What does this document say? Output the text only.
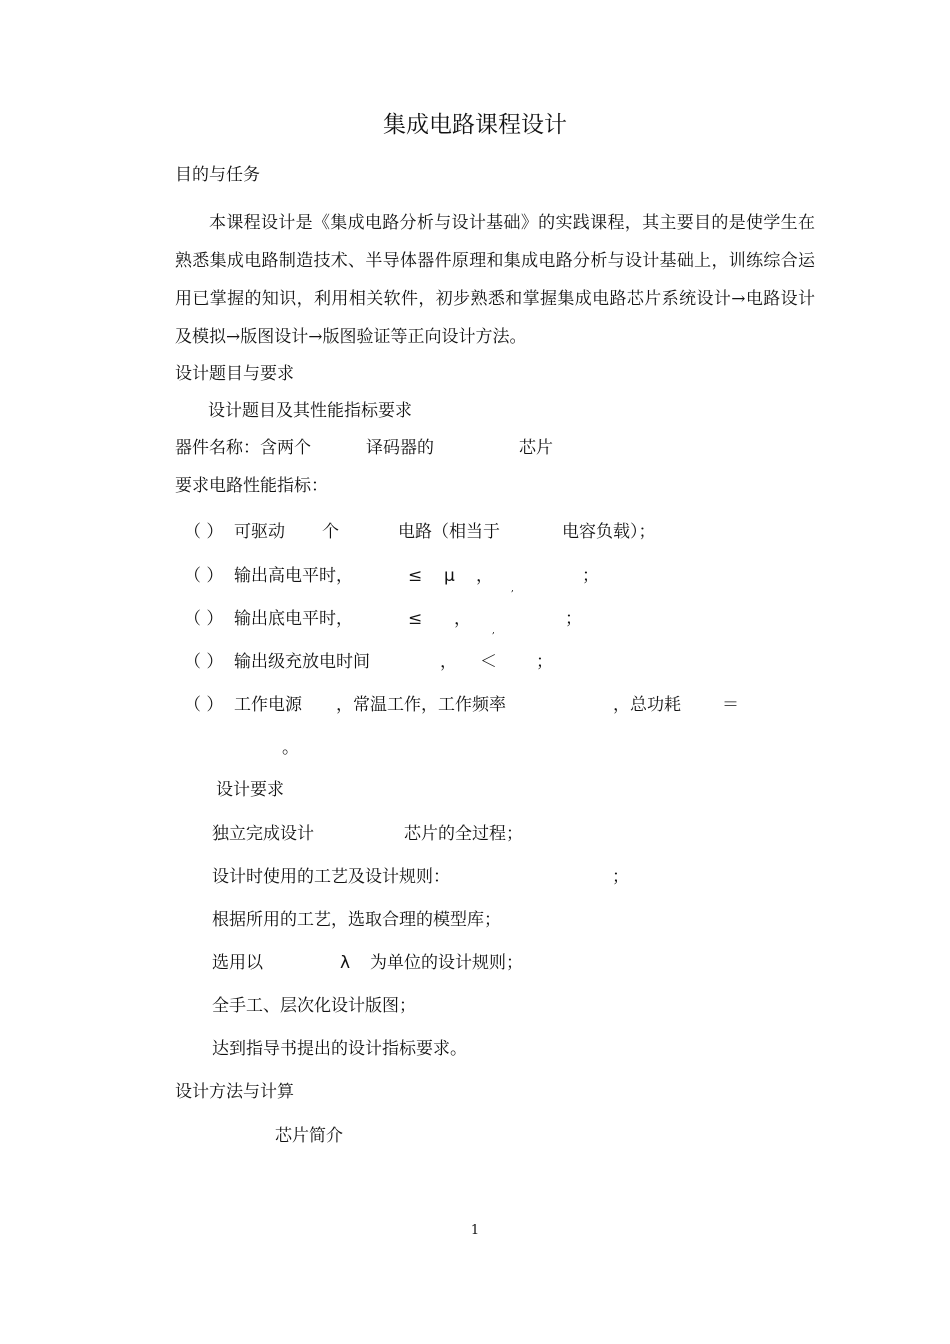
集成电路课程设计
目的与任务
本课程设计是《集成电路分析与设计基础》的实践课程，其主要目的是使学生在熟悉集成电路制造技术、半导体器件原理和集成电路分析与设计基础上，训练综合运用已掌握的知识，利用相关软件，初步熟悉和掌握集成电路芯片系统设计→电路设计及模拟→版图设计→版图验证等正向设计方法。
设计题目与要求
设计题目及其性能指标要求
器件名称：含两个	译码器的	芯片
要求电路性能指标：
（ ） 可驱动 个	电路（相当于	电容负载）；
（ ） 输出高电平时，	≤ μ ，	；
,
（ ） 输出底电平时，	≤ ，	；
,
（ ） 输出级充放电时间	， ＜ ；
（ ） 工作电源 ，常温工作，工作频率	，总功耗 ＝
。
设计要求
独立完成设计	芯片的全过程；
设计时使用的工艺及设计规则：	；
根据所用的工艺，选取合理的模型库；
选用以	λ 为单位的设计规则；
全手工、层次化设计版图；
达到指导书提出的设计指标要求。
设计方法与计算
芯片简介
1
